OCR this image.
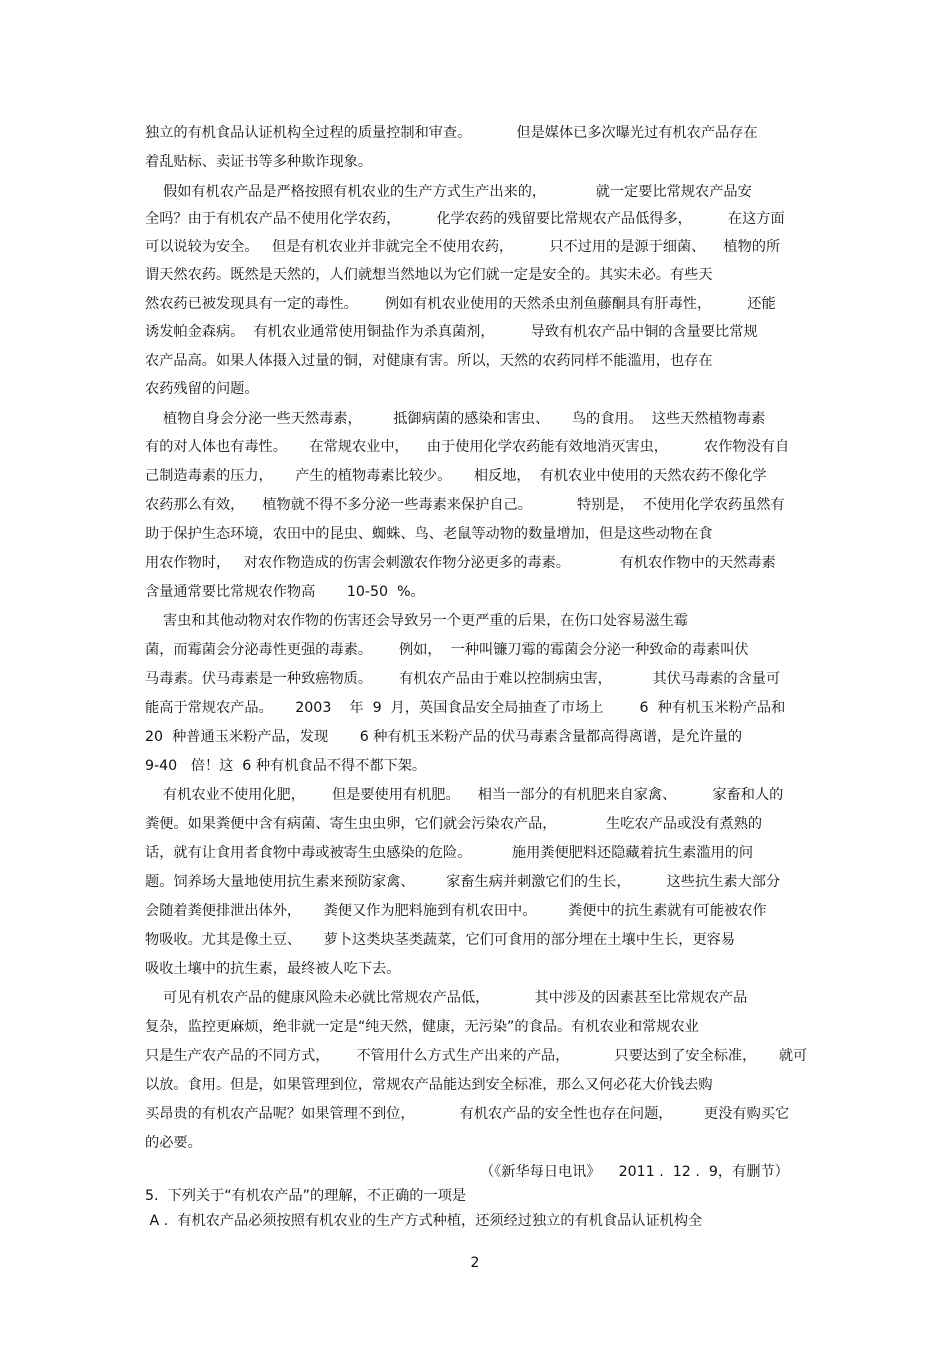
独立的有机食品认证机构全过程的质量控制和审查。          但是媒体已多次曝光过有机农产品存在
着乱贴标、卖证书等多种欺诈现象。
假如有机农产品是严格按照有机农业的生产方式生产出来的，           就一定要比常规农产品安
全吗？由于有机农产品不使用化学农药，        化学农药的残留要比常规农产品低得多，        在这方面
可以说较为安全。   但是有机农业并非就完全不使用农药，        只不过用的是源于细菌、    植物的所
谓天然农药。既然是天然的，人们就想当然地以为它们就一定是安全的。其实未必。有些天
然农药已被发现具有一定的毒性。      例如有机农业使用的天然杀虫剂鱼藤酮具有肝毒性，        还能
诱发帕金森病。  有机农业通常使用铜盐作为杀真菌剂，        导致有机农产品中铜的含量要比常规
农产品高。如果人体摄入过量的铜，对健康有害。所以，天然的农药同样不能滥用，也存在
农药残留的问题。
植物自身会分泌一些天然毒素，       抵御病菌的感染和害虫、     鸟的食用。  这些天然植物毒素
有的对人体也有毒性。     在常规农业中，    由于使用化学农药能有效地消灭害虫，        农作物没有自
己制造毒素的压力，     产生的植物毒素比较少。     相反地，  有机农业中使用的天然农药不像化学
农药那么有效，    植物就不得不多分泌一些毒素来保护自己。          特别是，  不使用化学农药虽然有
助于保护生态环境，农田中的昆虫、蜘蛛、鸟、老鼠等动物的数量增加，但是这些动物在食
用农作物时，   对农作物造成的伤害会刺激农作物分泌更多的毒素。           有机农作物中的天然毒素
含量通常要比常规农作物高       10-50  %。
害虫和其他动物对农作物的伤害还会导致另一个更严重的后果，在伤口处容易滋生霉
菌，而霉菌会分泌毒性更强的毒素。      例如，  一种叫镰刀霉的霉菌会分泌一种致命的毒素叫伏
马毒素。伏马毒素是一种致癌物质。      有机农产品由于难以控制病虫害，         其伏马毒素的含量可
能高于常规农产品。     2003    年  9  月，英国食品安全局抽查了市场上        6  种有机玉米粉产品和
20  种普通玉米粉产品，发现       6 种有机玉米粉产品的伏马毒素含量都高得离谱，是允许量的
9-40   倍！这  6 种有机食品不得不都下架。
有机农业不使用化肥，      但是要使用有机肥。    相当一部分的有机肥来自家禽、        家畜和人的
粪便。如果粪便中含有病菌、寄生虫虫卵，它们就会污染农产品，           生吃农产品或没有煮熟的
话，就有让食用者食物中毒或被寄生虫感染的危险。         施用粪便肥料还隐藏着抗生素滥用的问
题。饲养场大量地使用抗生素来预防家禽、       家畜生病并刺激它们的生长，        这些抗生素大部分
会随着粪便排泄出体外，     粪便又作为肥料施到有机农田中。       粪便中的抗生素就有可能被农作
物吸收。尤其是像土豆、     萝卜这类块茎类蔬菜，它们可食用的部分埋在土壤中生长，更容易
吸收土壤中的抗生素，最终被人吃下去。
可见有机农产品的健康风险未必就比常规农产品低，          其中涉及的因素甚至比常规农产品
复杂，监控更麻烦，绝非就一定是“纯天然，健康，无污染”的食品。有机农业和常规农业
只是生产农产品的不同方式，      不管用什么方式生产出来的产品，          只要达到了安全标准，     就可
以放。食用。但是，如果管理到位，常规农产品能达到安全标准，那么又何必花大价钱去购
买昂贵的有机农产品呢？如果管理不到位，          有机农产品的安全性也存在问题，       更没有购买它
的必要。
（《新华每日电讯》    2011 .  12 .  9，有删节）
5.  下列关于“有机农产品”的理解，不正确的一项是
A .  有机农产品必须按照有机农业的生产方式种植，还须经过独立的有机食品认证机构全
2
